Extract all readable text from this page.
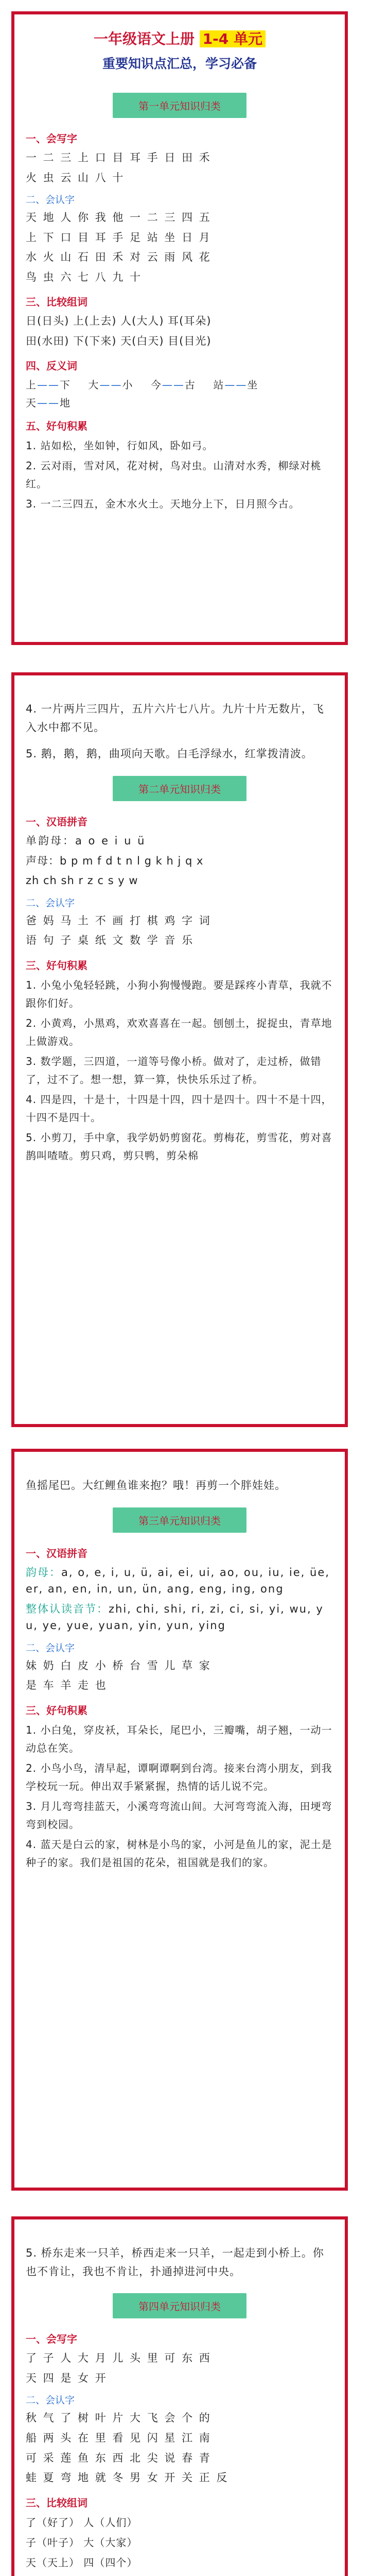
一年级语文上册 1-4 单元
重要知识点汇总，学习必备
第一单元知识归类
一、会写字
一 二 三 上 口 目 耳 手 日 田 禾
火 虫 云 山 八 十
二、会认字
天 地 人 你 我 他 一 二 三 四 五
上 下 口 目 耳 手 足 站 坐 日 月
水 火 山 石 田 禾 对 云 雨 风 花
鸟 虫 六 七 八 九 十
三、比较组词
日(日头) 上(上去) 人(大人) 耳(耳朵)
田(水田) 下(下来) 天(白天) 目(目光)
四、反义词
上——下 大——小 今——古 站——坐
天——地
五、好句积累
1. 站如松，坐如钟，行如风，卧如弓。
2. 云对雨，雪对风，花对树，鸟对虫。山清对水秀，柳绿对桃红。
3. 一二三四五，金木水火土。天地分上下，日月照今古。
4. 一片两片三四片，五片六片七八片。九片十片无数片，飞入水中都不见。
5. 鹅，鹅，鹅，曲项向天歌。白毛浮绿水，红掌拨清波。
第二单元知识归类
一、汉语拼音
单韵母：a o e i u ü
声母：b p m f d t n l g k h j q x
zh ch sh r z c s y w
二、会认字
爸 妈 马 土 不 画 打 棋 鸡 字 词
语 句 子 桌 纸 文 数 学 音 乐
三、好句积累
1. 小兔小兔轻轻跳，小狗小狗慢慢跑。要是踩疼小青草，我就不跟你们好。
2. 小黄鸡，小黑鸡，欢欢喜喜在一起。刨刨土，捉捉虫，青草地上做游戏。
3. 数学题，三四道，一道等号像小桥。做对了，走过桥，做错了，过不了。想一想，算一算，快快乐乐过了桥。
4. 四是四，十是十，十四是十四，四十是四十。四十不是十四，十四不是四十。
5. 小剪刀，手中拿，我学奶奶剪窗花。剪梅花，剪雪花，剪对喜鹊叫喳喳。剪只鸡，剪只鸭，剪朵棉
鱼摇尾巴。大红鲤鱼谁来抱？哦！再剪一个胖娃娃。
第三单元知识归类
一、汉语拼音
韵母：a, o, e, i, u, ü, ai, ei, ui, ao, ou, iu, ie, üe, er, an, en, in, un, ün, ang, eng, ing, ong
整体认读音节：zhi, chi, shi, ri, zi, ci, si, yi, wu, yu, ye, yue, yuan, yin, yun, ying
二、会认字
妹 奶 白 皮 小 桥 台 雪 儿 草 家
是 车 羊 走 也
三、好句积累
1. 小白兔，穿皮袄，耳朵长，尾巴小，三瓣嘴，胡子翘，一动一动总在笑。
2. 小鸟小鸟，清早起，谭啊谭啊到台湾。接来台湾小朋友，到我学校玩一玩。伸出双手紧紧握，热情的话儿说不完。
3. 月儿弯弯挂蓝天，小溪弯弯流山间。大河弯弯流入海，田埂弯弯到校园。
4. 蓝天是白云的家，树林是小鸟的家，小河是鱼儿的家，泥土是种子的家。我们是祖国的花朵，祖国就是我们的家。
5. 桥东走来一只羊，桥西走来一只羊，一起走到小桥上。你也不肯让，我也不肯让，扑通掉进河中央。
第四单元知识归类
一、会写字
了 子 人 大 月 儿 头 里 可 东 西
天 四 是 女 开
二、会认字
秋 气 了 树 叶 片 大 飞 会 个 的
船 两 头 在 里 看 见 闪 星 江 南
可 采 莲 鱼 东 西 北 尖 说 春 青
蛙 夏 弯 地 就 冬 男 女 开 关 正 反
三、比较组词
了（好了） 人（人们）
子（叶子） 大（大家）
天（天上） 四（四个）
